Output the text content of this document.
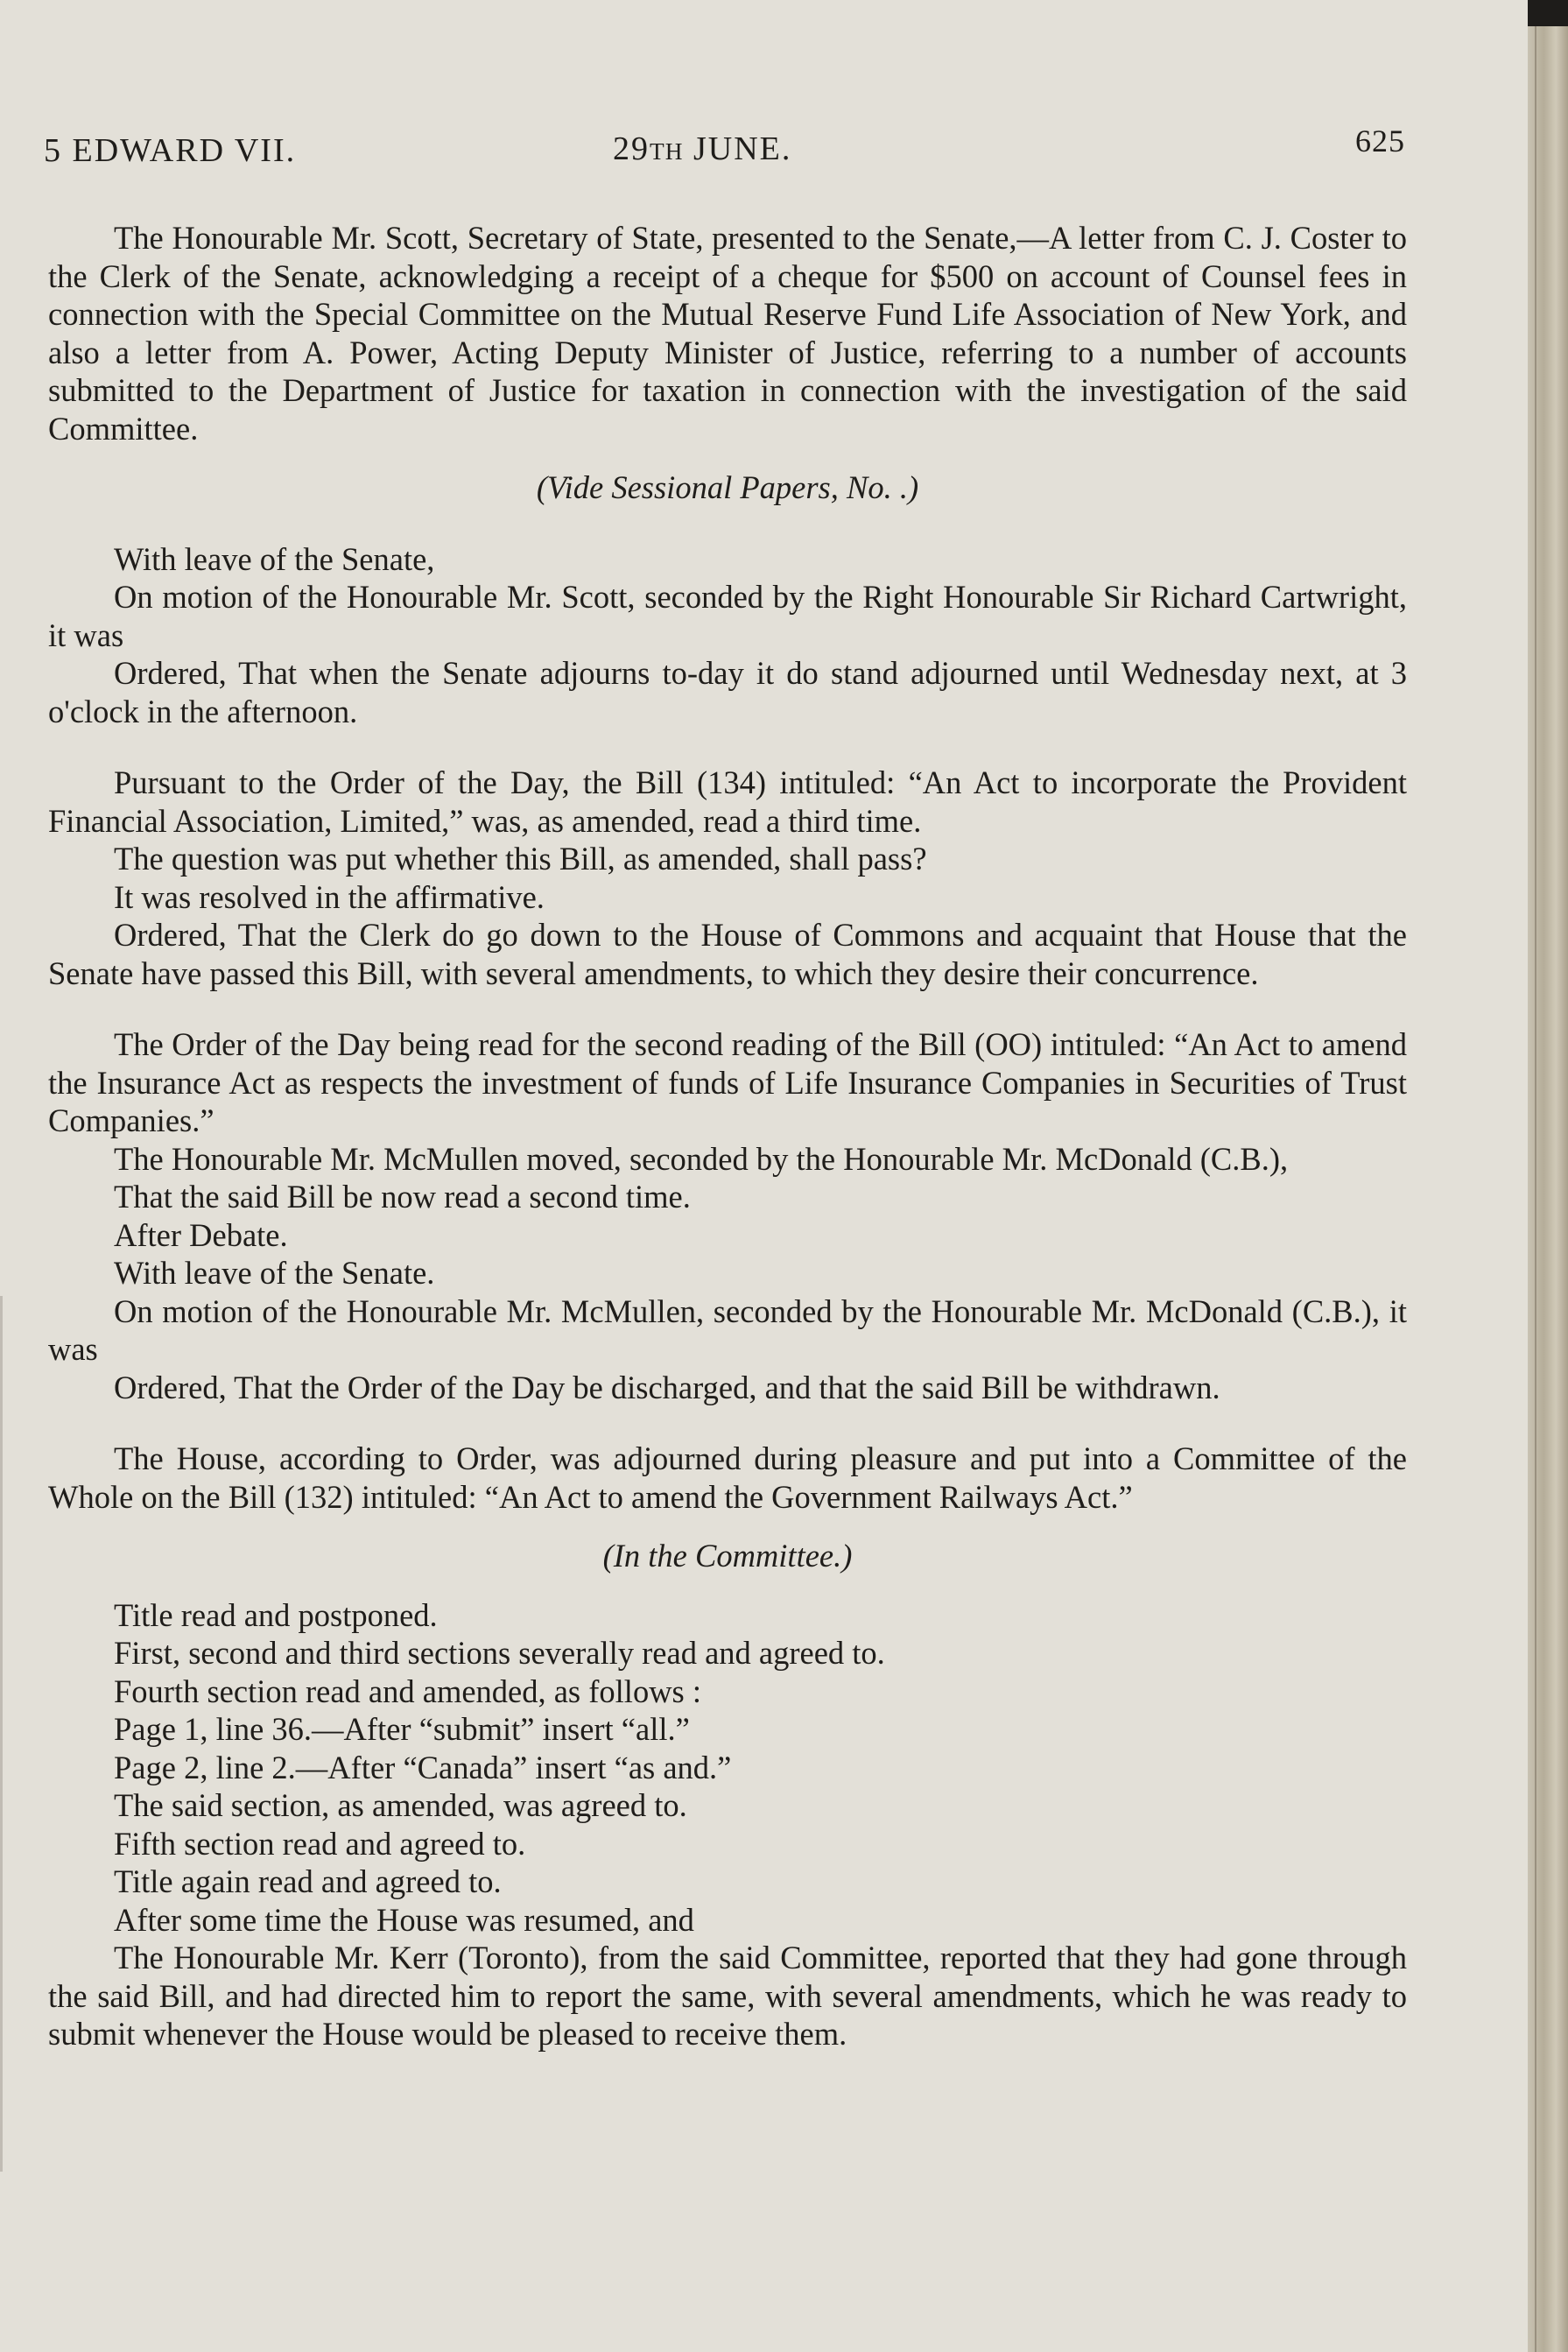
5 EDWARD VII.	29TH JUNE.	625

The Honourable Mr. Scott, Secretary of State, presented to the Senate,—A letter from C. J. Coster to the Clerk of the Senate, acknowledging a receipt of a cheque for $500 on account of Counsel fees in connection with the Special Committee on the Mutual Reserve Fund Life Association of New York, and also a letter from A. Power, Acting Deputy Minister of Justice, referring to a number of accounts submitted to the Department of Justice for taxation in connection with the investigation of the said Committee.

(Vide Sessional Papers, No. .)

With leave of the Senate,

On motion of the Honourable Mr. Scott, seconded by the Right Honourable Sir Richard Cartwright, it was

Ordered, That when the Senate adjourns to-day it do stand adjourned until Wednesday next, at 3 o'clock in the afternoon.

Pursuant to the Order of the Day, the Bill (134) intituled: “An Act to incorporate the Provident Financial Association, Limited,” was, as amended, read a third time.

The question was put whether this Bill, as amended, shall pass?

It was resolved in the affirmative.

Ordered, That the Clerk do go down to the House of Commons and acquaint that House that the Senate have passed this Bill, with several amendments, to which they desire their concurrence.

The Order of the Day being read for the second reading of the Bill (OO) intituled: “An Act to amend the Insurance Act as respects the investment of funds of Life Insurance Companies in Securities of Trust Companies.”

The Honourable Mr. McMullen moved, seconded by the Honourable Mr. McDonald (C.B.),

That the said Bill be now read a second time.

After Debate.

With leave of the Senate.

On motion of the Honourable Mr. McMullen, seconded by the Honourable Mr. McDonald (C.B.), it was

Ordered, That the Order of the Day be discharged, and that the said Bill be withdrawn.

The House, according to Order, was adjourned during pleasure and put into a Committee of the Whole on the Bill (132) intituled: “An Act to amend the Government Railways Act.”

(In the Committee.)

Title read and postponed.

First, second and third sections severally read and agreed to.

Fourth section read and amended, as follows :

Page 1, line 36.—After “submit” insert “all.”

Page 2, line 2.—After “Canada” insert “as and.”

The said section, as amended, was agreed to.

Fifth section read and agreed to.

Title again read and agreed to.

After some time the House was resumed, and

The Honourable Mr. Kerr (Toronto), from the said Committee, reported that they had gone through the said Bill, and had directed him to report the same, with several amendments, which he was ready to submit whenever the House would be pleased to receive them.
